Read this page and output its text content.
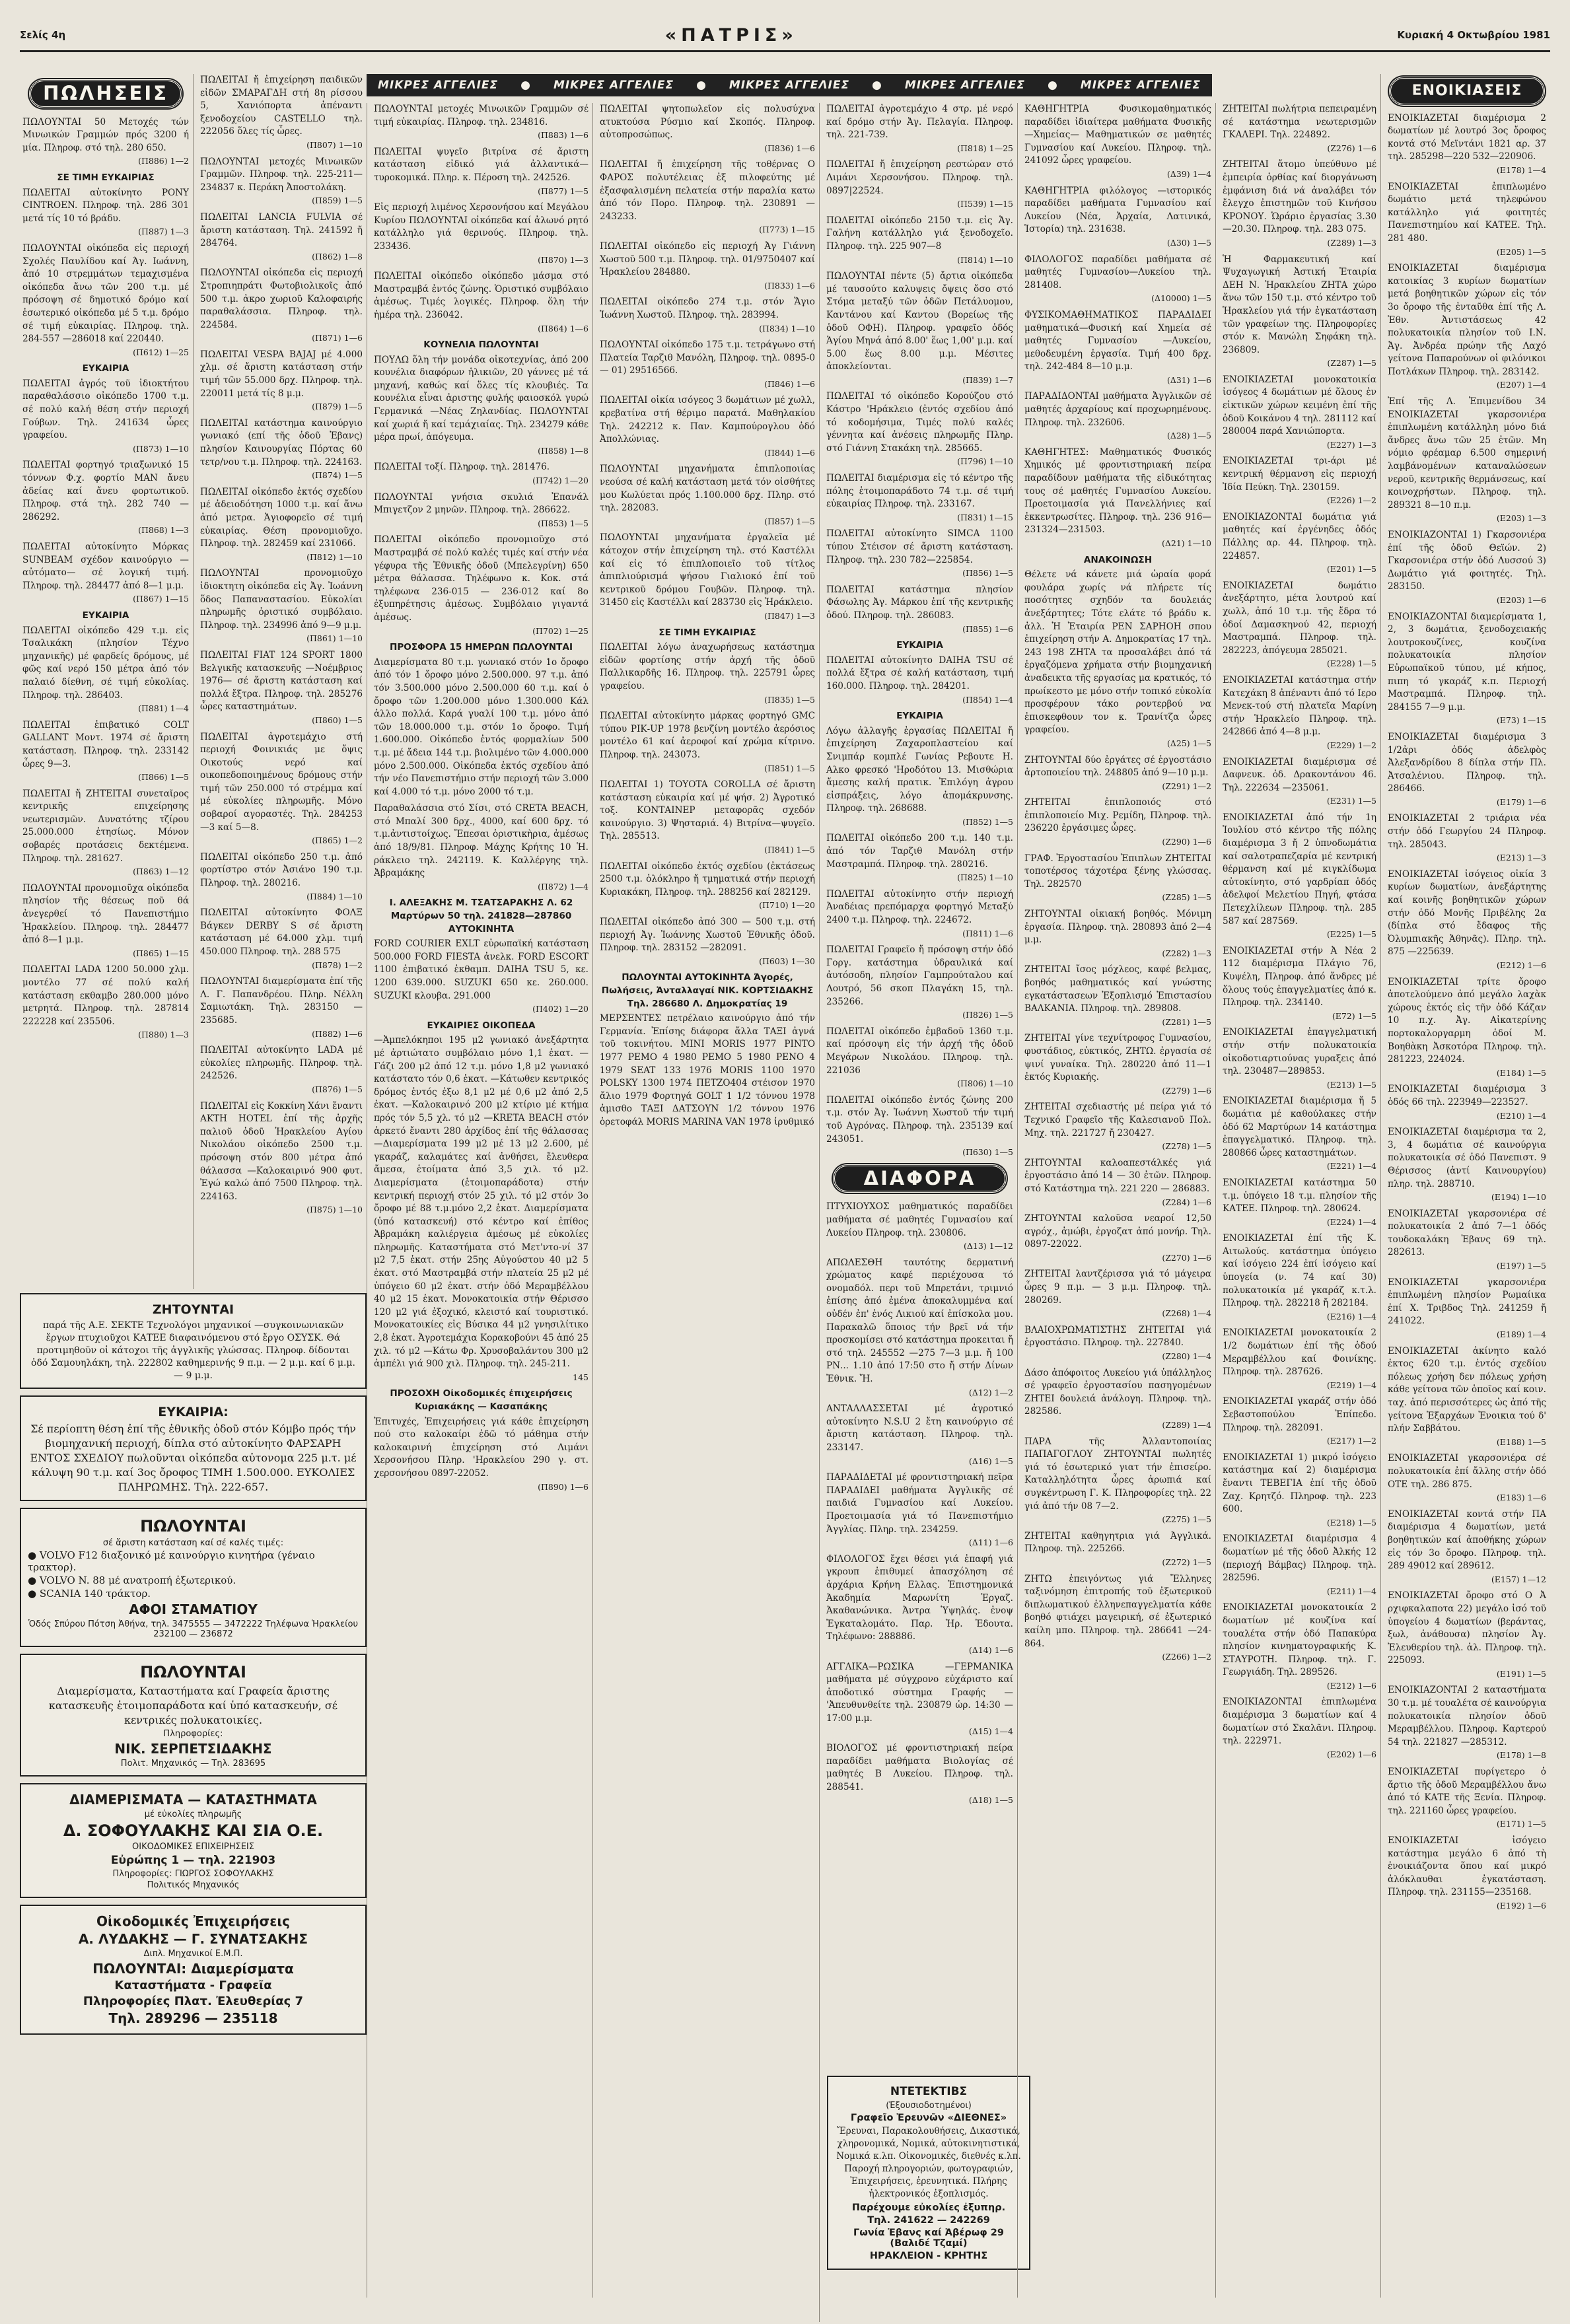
Σελίς 4η	«ΠΑΤΡΙΣ»	Κυριακή 4 Οκτωβρίου 1981
ΜΙΚΡΕΣ ΑΓΓΕΛΙΕΣ ● ΜΙΚΡΕΣ ΑΓΓΕΛΙΕΣ ● ΜΙΚΡΕΣ ΑΓΓΕΛΙΕΣ ● ΜΙΚΡΕΣ ΑΓΓΕΛΙΕΣ ● ΜΙΚΡΕΣ ΑΓΓΕΛΙΕΣ
ΠΩΛΗΣΕΙΣ
ΠΩΛΟΥΝΤΑΙ 50 Μετοχές τών Μινωικών Γραμμών πρός 3200 ή μία. Πληροφ. στό τηλ. 280 650.
(Π886) 1—2
ΣΕ ΤΙΜΗ ΕΥΚΑΙΡΙΑΣ
ΠΩΛΕΙΤΑΙ αὐτοκίνητο PONY CINTROEN. Πληροφ. τηλ. 286 301 μετά τίς 10 τό βράδυ.
(Π887) 1—3
ΠΩΛΟΥΝΤΑΙ οἰκόπεδα εἰς περιοχή Σχολές Παυλίδου καί Άγ. Ιωάννη, ἀπό 10 στρεμμάτων τεμαχισμένα οἰκόπεδα ἄνω τῶν 200 τ.μ. μέ πρόσοψη σέ δημοτικό δρόμο καί ἐσωτερικό οἰκόπεδα μέ 5 τ.μ. δρόμο σέ τιμή εὐκαιρίας. Πληροφ. τηλ. 284-557 —286018 καί 220440.
(Π612) 1—25
ΕΥΚΑΙΡΙΑ
ΠΩΛΕΙΤΑΙ ἀγρός τοῦ ἰδιοκτήτου παραθαλάσσιο οἰκόπεδο 1700 τ.μ. σέ πολύ καλή θέση στήν περιοχή Γούβων. Τηλ. 241634 ὧρες γραφείου.
(Π873) 1—10
ΠΩΛΕΙΤΑΙ φορτηγό τριαξωνικό 15 τόννων Φ.χ. φορτίο MAN ἄνευ ἀδείας καί ἄνευ φορτωτικοῦ. Πληροφ. στά τηλ. 282 740 —286292.
(Π868) 1—3
ΠΩΛΕΙΤΑΙ αὐτοκίνητο Μόρκας SUNBEAM σχέδον καινούργιο —αὐτόματο— σέ λογική τιμή. Πληροφ. τηλ. 284477 ἀπό 8—1 μ.μ.
(Π867) 1—15
ΕΥΚΑΙΡΙΑ
ΠΩΛΕΙΤΑΙ οἰκόπεδο 429 τ.μ. εἰς Τσαλικάκη (πλησίον Τέχνο μηχανικῆς) μέ φαρδείς δρόμους, μέ φῶς καί νερό 150 μέτρα ἀπό τόν παλαιό δίεθνη, σέ τιμή εὐκολίας. Πληροφ. τηλ. 286403.
(Π881) 1—4
ΠΩΛΕΙΤΑΙ ἐπιβατικό COLT GALLANT Μοντ. 1974 σέ ἄριστη κατάσταση. Πληροφ. τηλ. 233142 ὧρες 9—3.
(Π866) 1—5
ΠΩΛΕΙΤΑΙ ἤ ΖΗΤΕΙΤΑΙ συνεταῖρος κεντρικῆς επιχείρησης νεωτερισμῶν. Δυνατότης τζίρου 25.000.000 ἐτησίως. Μόνον σοβαρές προτάσεις δεκτέμενα. Πληροφ. τηλ. 281627.
(Π863) 1—12
ΠΩΛΟΥΝΤΑΙ προνομιοῦχα οἰκόπεδα πλησίον τῆς θέσεως ποῦ θά ἀνεγερθεί τό Πανεπιστήμιο Ἡρακλείου. Πληροφ. τηλ. 284477 ἀπό 8—1 μ.μ.
(Π865) 1—15
ΠΩΛΕΙΤΑΙ LADA 1200 50.000 χλμ. μοντέλο 77 σέ πολύ καλή κατάσταση εκθαμβο 280.000 μόνο μετρητά. Πληροφ. τηλ. 287814 222228 καί 235506.
(Π880) 1—3
ΠΩΛΕΙΤΑΙ ἤ ἐπιχείρηση παιδικῶν εἰδῶν ΣΜΑΡΑΓΔΗ στή 8η ρίσσου 5, Χανιόπορτα ἀπέναντι ξενοδοχείου CASTELLO τηλ. 222056 ὅλες τίς ὧρες.
(Π807) 1—10
ΠΩΛΟΥΝΤΑΙ μετοχές Μινωικῶν Γραμμῶν. Πληροφ. τηλ. 225-211—234837 κ. Περάκη Ἀποστολάκη.
(Π859) 1—5
ΠΩΛΕΙΤΑΙ LANCIA FULVIA σέ ἄριστη κατάσταση. Τηλ. 241592 ἤ 284764.
(Π862) 1—8
ΠΩΛΟΥΝΤΑΙ οἰκόπεδα εἰς περιοχή Στροπιηπράτι Φωτοβιολικοῖς ἀπό 500 τ.μ. ἀκρο χωριοῦ Καλοφαιρής παραθαλάσσια. Πληροφ. τηλ. 224584.
(Π871) 1—6
ΠΩΛΕΙΤΑΙ VESPA BAJAJ μέ 4.000 χλμ. σέ ἄριστη κατάσταση στήν τιμή τῶν 55.000 δρχ. Πληροφ. τηλ. 220011 μετά τίς 8 μ.μ.
(Π879) 1—5
ΠΩΛΕΙΤΑΙ κατάστημα καινούργιο γωνιακό (επί τῆς ὁδοῦ Ἐβανς) πλησίον Καινουργίας Πόρτας 60 τετρ/νου τ.μ. Πληροφ. τηλ. 224163.
(Π874) 1—5
ΠΩΛΕΙΤΑΙ οἰκόπεδο ἐκτός σχεδίου μέ ἀδειοδότηση 1000 τ.μ. καί ἄνω ἀπό μετρα. Ἀγιοφορεῖο σέ τιμή εὐκαιρίας. Θέση προνομιοῦχο. Πληροφ. τηλ. 282459 καί 231066.
(Π812) 1—10
ΠΩΛΟΥΝΤΑΙ προνομιοῦχο ἰδιοκτητη οἰκόπεδα εἰς Ἀγ. Ἰωάννη ὅδος Παπαναστασίου. Εὐκολίαι πληρωμῆς ὁριστικό συμβόλαιο. Πληροφ. τηλ. 234996 ἀπό 9—9 μ.μ.
(Π861) 1—10
ΠΩΛΕΙΤΑΙ FIAT 124 SPORT 1800 Βελγικῆς κατασκευῆς —Νοέμβριος 1976— σέ ἄριστη κατάσταση καί πολλά ἔξτρα. Πληροφ. τηλ. 285276 ὧρες καταστημάτων.
(Π860) 1—5
ΠΩΛΕΙΤΑΙ ἀγροτεμάχιο στή περιοχή Φοινικιάς με ὄψις Οικοτούς νερό καί οικοπεδοποιημένους δρόμους στήν τιμή τῶν 250.000 τό στρέμμα καί μέ εὐκολίες πληρωμῆς. Μόνο σοβαροί αγοραστές. Τηλ. 284253 —3 καί 5—8.
(Π865) 1—2
ΠΩΛΕΙΤΑΙ οἰκόπεδο 250 τ.μ. ἀπό φορτίστρο στόν Ἀσιάνο 190 τ.μ. Πληροφ. τηλ. 280216.
(Π884) 1—10
ΠΩΛΕΙΤΑΙ αὐτοκίνητο ΦΟΛΞ Βάγκεν DERBY S σέ ἄριστη κατάσταση μέ 64.000 χλμ. τιμή 450.000 Πληροφ. τηλ. 288 575
(Π878) 1—2
ΠΩΛΟΥΝΤΑΙ διαμερίσματα ἐπί τῆς Λ. Γ. Παπανδρέου. Πληρ. Νέλλη Σαμιωτάκη. Τηλ. 283150 —235685.
(Π882) 1—6
ΠΩΛΕΙΤΑΙ αὐτοκίνητο LADA μέ εὐκολίες πληρωμῆς. Πληροφ. τηλ. 242526.
(Π876) 1—5
ΠΩΛΕΙΤΑΙ εἰς Κοκκίνη Χάνι ἔναντι ΑΚΤΗ HOTEL ἐπί τῆς ἀρχῆς παλιοῦ ὁδοῦ Ἡρακλείου Αγίου Νικολάου οἰκόπεδο 2500 τ.μ. πρόσοψη στόν 800 μέτρα ἀπό θάλασσα —Καλοκαιρινό 900 φυτ. Ἐγώ καλώ ἀπό 7500 Πληροφ. τηλ. 224163.
(Π875) 1—10
ΖΗΤΟΥΝΤΑΙ
παρά τῆς Α.Ε. ΣΕΚΤΕ Τεχνολόγοι μηχανικοί —συγκοινωνιακῶν ἔργων πτυχιοῦχοι ΚΑΤΕΕ διαφαινόμενου στό ἔργο ΟΣΥΣΚ. Θά προτιμηθοῦν οἱ κάτοχοι τῆς ἀγγλικῆς γλώσσας. Πληροφ. δίδονται ὁδό Σαμουηλάκη, τηλ. 222802 καθημερινής 9 π.μ. — 2 μ.μ. καί 6 μ.μ. — 9 μ.μ.
ΕΥΚΑΙΡΙΑ:
Σέ περίοπτη θέση ἐπί τῆς ἐθνικῆς ὁδοῦ στόν Κόμβο πρός τήν βιομηχανική περιοχή, δίπλα στό αὐτοκίνητο ΦΑΡΣΑΡΗ ΕΝΤΟΣ ΣΧΕΔΙΟΥ πωλοῦνται οἰκόπεδα αὐτονομα 225 μ.τ. μέ κάλυψη 90 τ.μ. καί 3ος ὄροφος ΤΙΜΗ 1.500.000. ΕΥΚΟΛΙΕΣ ΠΛΗΡΩΜΗΣ. Τηλ. 222-657.
ΠΩΛΟΥΝΤΑΙ
σέ ἄριστη κατάσταση καί σέ καλές τιμές:
● VOLVO F12 διαξονικό μέ καινούργιο κινητήρα (γέναιο τρακτορ).
● VOLVO N. 88 μέ ανατροπή ἐξωτερικού.
● SCANIA 140 τράκτορ.
ΑΦΟΙ ΣΤΑΜΑΤΙΟΥ
Ὁδός Σπύρου Πότση Ἀθήνα, τηλ. 3475555 — 3472222 Τηλέφωνα Ἡρακλείου 232100 — 236872
ΠΩΛΟΥΝΤΑΙ
Διαμερίσματα, Καταστήματα καί Γραφεία ἄριστης κατασκευῆς ἑτοιμοπαράδοτα καί ὑπό κατασκευήν, σέ κεντρικές πολυκατοικίες.
Πληροφορίες:
ΝΙΚ. ΣΕΡΠΕΤΣΙΔΑΚΗΣ
Πολιτ. Μηχανικός — Τηλ. 283695
ΔΙΑΜΕΡΙΣΜΑΤΑ — ΚΑΤΑΣΤΗΜΑΤΑ
μέ εὐκολίες πληρωμῆς
Δ. ΣΟΦΟΥΛΑΚΗΣ ΚΑΙ ΣΙΑ Ο.Ε.
ΟΙΚΟΔΟΜΙΚΕΣ ΕΠΙΧΕΙΡΗΣΕΙΣ
Εὐρώπης 1 — τηλ. 221903
Πληροφορίες: ΓΙΩΡΓΟΣ ΣΟΦΟΥΛΑΚΗΣ
Πολιτικός Μηχανικός
Οἰκοδομικές Ἐπιχειρήσεις
Α. ΛΥΔΑΚΗΣ — Γ. ΣΥΝΑΤΣΑΚΗΣ
Διπλ. Μηχανικοί Ε.Μ.Π.
ΠΩΛΟΥΝΤΑΙ: Διαμερίσματα
Καταστήματα - Γραφεῖα
Πληροφορίες Πλατ. Ἐλευθερίας 7
Τηλ. 289296 — 235118
ΠΩΛΟΥΝΤΑΙ μετοχές Μινωικῶν Γραμμῶν σέ τιμή εὐκαιρίας. Πληροφ. τηλ. 234816.
(Π883) 1—6
ΠΩΛΕΙΤΑΙ ψυγεῖο βιτρίνα σέ ἄριστη κατάσταση εἰδικό γιά ἀλλαντικά—τυροκομικά. Πληρ. κ. Πέροση τηλ. 242526.
(Π877) 1—5
Εἰς περιοχή λιμένος Χερσονήσου καί Μεγάλου Κυρίου ΠΩΛΟΥΝΤΑΙ οἰκόπεδα καί ἀλωνό ρητό κατάλληλο γιά θερινούς. Πληροφ. τηλ. 233436.
(Π870) 1—3
ΠΩΛΕΙΤΑΙ οἰκόπεδο οἰκόπεδο μάσμα στό Μαστραμβά ἐντός ζώνης. Ὁριστικό συμβόλαιο ἀμέσως. Τιμές λογικές. Πληροφ. ὅλη τήν ἡμέρα τηλ. 236042.
(Π864) 1—6
ΚΟΥΝΕΛΙΑ ΠΩΛΟΥΝΤΑΙ
ΠΟΥΛΩ ὅλη τήν μονάδα οἰκοτεχνίας, ἀπό 200 κουνέλια διαφόρων ἡλικιῶν, 20 γάννες μέ τά μηχανή, καθώς καί ὅλες τίς κλουβιές. Τα κουνέλια εἶναι ἀριστης φυλής φαιοσκόλ γυρώ Γερμανικά —Νέας Ζηλανδίας. ΠΩΛΟΥΝΤΑΙ καί χωριά ἤ καί τεμάχιαίας. Τηλ. 234279 κάθε μέρα πρωί, ἀπόγευμα.
(Π858) 1—8
ΠΩΛΕΙΤΑΙ τοξί. Πληροφ. τηλ. 281476.
(Π742) 1—20
ΠΩΛΟΥΝΤΑΙ γνήσια σκυλιά Ἐπανάλ Μπιγετζον 2 μηνῶν. Πληροφ. τηλ. 286622.
(Π853) 1—5
ΠΩΛΕΙΤΑΙ οἰκόπεδο προνομιοῦχο στό Μαστραμβά σέ πολύ καλές τιμές καί στήν νέα γέφυρα τῆς Ἐθνικῆς ὁδοῦ (Μπελεγρίνη) 650 μέτρα θάλασσα. Τηλέφωνο κ. Κοκ. στά τηλέφωνα 236-015 — 236-012 καί 8ο ἐξυπηρέτησις ἀμέσως. Συμβόλαιο γιγαντά ἀμέσως.
(Π702) 1—25
ΠΡΟΣΦΟΡΑ 15 ΗΜΕΡΩΝ ΠΩΛΟΥΝΤΑΙ
Διαμερίσματα 80 τ.μ. γωνιακό στόν 1ο ὄροφο ἀπό τόν 1 ὄροφο μόνο 2.500.000. 97 τ.μ. ἀπό τόν 3.500.000 μόνο 2.500.000 60 τ.μ. καί ὁ ὄροφο τῶν 1.200.000 μόνο 1.300.000 Κάλ ἀλλο πολλά. Καρά γυαλί 100 τ.μ. μόνο ἀπό τῶν 18.000.000 τ.μ. στόν 1ο ὄροφο. Τιμή 1.600.000. Οἰκόπεδο ἐντός φορμαλίων 500 τ.μ. μέ ἄδεια 144 τ.μ. βιολιμένο τῶν 4.000.000 μόνο 2.500.000. Οἰκόπεδα ἐκτός σχεδίου ἀπό τήν νέο Πανεπιστήμιο στήν περιοχή τῶν 3.000 καί 4.000 τό τ.μ. μόνο 2000 τό τ.μ.
Παραθαλάσσια στό Σίσι, στό CRETA BEACH, στό Μπαλί 300 δρχ., 4000, καί 600 δρχ. τό τ.μ.ἀντιστοίχως. Ἔπεσαι ὁριστικὴρια, ἀμέσως ἀπό 18/9/81. Πληροφ. Μάχης Κρήτης 10 Ἡ. ράκλειο τηλ. 242119. Κ. Καλλέργης τηλ. Ἀβραμάκης
(Π872) 1—4
Ι. ΑΛΕΞΑΚΗΣ Μ. ΤΣΑΤΣΑΡΑΚΗΣ Λ. 62 Μαρτύρων 50 τηλ. 241828—287860 ΑΥΤΟΚΙΝΗΤΑ
FORD COURIER EXLT εὐρωπαϊκή κατάσταση 500.000 FORD FIESTA ἀνελκ. FORD ESCORT 1100 ἐπιβατικό ἐκθαμπ. DAIHA TSU 5, κε. 1200 639.000. SUZUKI 650 κε. 260.000. SUZUKI κλουβα. 291.000
(Π402) 1—20
ΕΥΚΑΙΡΙΕΣ ΟΙΚΟΠΕΔΑ
—Ἀμπελόκηποι 195 μ2 γωνιακό ἀνεξάρτητα μέ ἀρτιώτατο συμβόλαιο μόνο 1,1 ἑκατ. —Γάζι 200 μ2 ἀπό 12 τ.μ. μόνο 1,8 μ2 γωνιακό κατάστατο τόν 0,6 ἑκατ. —Κάτωθεν κεντρικός δρόμος ἐντός ἐξω 8,1 μ2 μέ 0,6 μ2 ἀπό 2,5 ἐκατ. —Καλοκαιρινό 200 μ2 κτίριο μέ κτήμα πρός τόν 5,5 χλ. τό μ2 —KRETA BEACH στόν ἀρκετό ἔναντι 280 ἀρχίδος ἐπί τῆς θάλασσας —Διαμερίσματα 199 μ2 μέ 13 μ2 2.600, μέ γκαράζ, καλαμάτες καί ἀνθήσει, ἔλευθερα ἄμεσα, ἑτοίματα ἀπό 3,5 χιλ. τό μ2. Διαμερίσματα (ἑτοιμοπαράδοτα) στήν κεντρική περιοχή στόν 25 χιλ. τό μ2 στόν 3ο ὄροφο μέ 88 τ.μ.μόνο 2,2 ἑκατ. Διαμερίσματα (ὑπό κατασκευή) στό κέντρο καί ἐπίθος Ἀβραμάκη καλιέργεια ἀμέσως μέ εὐκολίες πληρωμῆς. Καταστήματα στό Μετ'ντο-νί 37 μ2 7,5 ἑκατ. στήν 25ης Αὐγούστου 40 μ2 5 ἑκατ. στό Μαστραμβά στήν πλατεία 25 μ2 μέ ὑπόγειο 60 μ2 ἑκατ. στήν ὁδό Μεραμβέλλου 40 μ2 15 ἑκατ. Μονοκατοικία στήν Θέρισσο 120 μ2 γιά ἐξοχικό, κλειστό καί τουριστικό. Μονοκατοικίες εἰς Βύσικα 44 μ2 γνησιλίτικο 2,8 ἑκατ. Ἀγροτεμάχια Κορακοβούνι 45 ἀπό 25 χιλ. τό μ2 —Κάτω Φρ. Χρυσοβαλάντου 300 μ2 ἀμπέλι γιά 900 χιλ. Πληροφ. τηλ. 245-211.
145
ΠΡΟΣΟΧΗ Οἰκοδομικές ἐπιχειρήσεις Κυριακάκης — Κασαπάκης
Ἐπιτυχές, Ἐπιχειρήσεις γιά κάθε ἐπιχείρηση πού στο καλοκαίρι ἐδῶ τό μάθημα στήν καλοκαιρινή ἐπιχείρηση στό Λιμάνι Χερσονήσου Πληρ. 'Ηρακλείου 290 γ. στ. χερσονήσου 0897-22052.
(Π890) 1—6
ΠΩΛΕΙΤΑΙ ψητοπωλεῖον εἰς πολυσύχνα ατυκτούσα Ρύσμιο καί Σκοπός. Πληροφ. αὐτοπροσώπως.
(Π836) 1—6
ΠΩΛΕΙΤΑΙ ἤ ἐπιχείρηση τῆς τοθέρνας Ο ΦΑΡΟΣ πολυτέλειας ἐξ πιλοφεύτης μέ ἐξασφαλισμένη πελατεία στήν παραλία κατω ἀπό τόν Πορο. Πληροφ. τηλ. 230891 — 243233.
(Π773) 1—15
ΠΩΛΕΙΤΑΙ οἰκόπεδο εἰς περιοχή Ἀγ Γιάννη Χωστοῦ 500 τ.μ. Πληροφ. τηλ. 01/9750407 καί Ἡρακλείου 284880.
(Π833) 1—6
ΠΩΛΕΙΤΑΙ οἰκόπεδο 274 τ.μ. στόν Ἄγιο Ἰωάννη Χωστοῦ. Πληροφ. τηλ. 283994.
(Π834) 1—10
ΠΩΛΟΥΝΤΑΙ οἰκόπεδο 175 τ.μ. τετράγωνο στή Πλατεία Ταρζιθ Μανόλη, Πληροφ. τηλ. 0895-0 — 01) 29516566.
(Π846) 1—6
ΠΩΛΕΙΤΑΙ οἰκία ισόγεος 3 δωμάτιων μέ χωλλ, κρεβατίνα στή θέριμο παρατά. Μαθηλακίου Τηλ. 242212 κ. Παν. Καμπούρογλου ὁδό Ἀπολλώνιας.
(Π844) 1—6
ΠΩΛΟΥΝΤΑΙ μηχανήματα ἐπιπλοποιίας νεούσα σέ καλή κατάσταση μετά τόν οἰσθήτες μου Κωλύεται πρός 1.100.000 δρχ. Πληρ. στό τηλ. 282083.
(Π857) 1—5
ΠΩΛΟΥΝΤΑΙ μηχανήματα ἐργαλεῖα μέ κάτοχον στήν ἐπιχείρηση τηλ. στό Καστέλλι καί εἰς τό ἐπιπλοποιεῖο τοῦ τίτλος ἀπιπλιούρισμά ψήσου Γιαλιοκό ἐπί τοῦ κεντρικοῦ δρόμου Γουβῶν. Πληροφ. τηλ. 31450 εἰς Καστέλλι καί 283730 εἰς Ἡράκλειο.
(Π847) 1—3
ΣΕ ΤΙΜΗ ΕΥΚΑΙΡΙΑΣ
ΠΩΛΕΙΤΑΙ λόγω ἀναχωρήσεως κατάστημα εἰδῶν φορτίσης στήν ἀρχή τῆς ὁδοῦ Παλλικαρδῆς 16. Πληροφ. τηλ. 225791 ὧρες γραφείου.
(Π835) 1—5
ΠΩΛΕΙΤΑΙ αὐτοκίνητο μάρκας φορτηγό GMC τύπου ΡΙΚ-UP 1978 βενζίνη μοντέλο ἀερόσιος μοντέλο 61 καί ἀεροφοί καί χρώμα κίτρινο. Πληροφ. τηλ. 243073.
(Π851) 1—5
ΠΩΛΕΙΤΑΙ 1) TOYOTA COROLLA σέ ἄριστη κατάσταση εὐκαιρία καί μέ ψήσ. 2) Ἀγροτικό τοξ. ΚΟΝΤΑΙΝΕΡ μεταφορᾶς σχεδόν καινούργιο. 3) Ψησταριά. 4) Βιτρίνα—ψυγεῖο. Τηλ. 285513.
(Π841) 1—5
ΠΩΛΕΙΤΑΙ οἰκόπεδο ἐκτός σχεδίου (ἐκτάσεως 2500 τ.μ. ὁλόκληρο ἤ τμηματικά στήν περιοχή Κυριακάκη, Πληροφ. τηλ. 288256 καί 282129.
(Π710) 1—20
ΠΩΛΕΙΤΑΙ οἰκόπεδο ἀπό 300 — 500 τ.μ. στή περιοχή Ἀγ. Ἰωάννης Χωστοῦ Ἐθνικῆς ὁδοῦ. Πληροφ. τηλ. 283152 —282091.
(Π603) 1—30
ΠΩΛΟΥΝΤΑΙ ΑΥΤΟΚΙΝΗΤΑ Ἀγορές, Πωλήσεις, Ἀνταλλαγαί ΝΙΚ. ΚΟΡΤΣΙΔΑΚΗΣ Τηλ. 286680 Λ. Δημοκρατίας 19
ΜΕΡΣΕΝΤΕΣ πετρέλαιο καινούργιο ἀπό τήν Γερμανία. Ἐπίσης διάφορα ἄλλα ΤΑΞΙ ἀγνά τοῦ τοκινήτου. MINI MORIS 1977 PINTO 1977 PEMO 4 1980 PEMO 5 1980 ΡΕΝΟ 4 1979 SEAT 133 1976 MORIS 1100 1970 POLSKY 1300 1974 ΠΕΤΖΟ404 στέισον 1970 ἄλιο 1979 Φορτηγά GOLT 1 1/2 τόννου 1978 ἀμισθο ΤΑΞΙ ΔΑΤΣΟΥΝ 1/2 τόννου 1976 ὀρετοφάλ MORIS MARINA VAN 1978 ἰρυθμικό
ΠΩΛΕΙΤΑΙ ἀγροτεμάχιο 4 στρ. μέ νερό καί δρόμο στήν Ἀγ. Πελαγία. Πληροφ. τηλ. 221-739.
(Π818) 1—25
ΠΩΛΕΙΤΑΙ ἤ ἐπιχείρηση ρεστώραν στό Λιμάνι Χερσονήσου. Πληροφ. τηλ. 0897|22524.
(Π539) 1—15
ΠΩΛΕΙΤΑΙ οἰκόπεδο 2150 τ.μ. εἰς Ἁγ. Γαλήνη κατάλληλο γιά ξενοδοχεῖο. Πληροφ. τηλ. 225 907—8
(Π814) 1—10
ΠΩΛΟΥΝΤΑΙ πέντε (5) ἄρτια οἰκόπεδα μέ ταυσούτο καλυψεις ὄψεις ὅσο στό Στόμα μεταξύ τῶν ὁδῶν Πετάλυομου, Καντάνου καί Καντου (Βορείως τῆς ὁδοῦ ΟΦΗ). Πληροφ. γραφεῖο ὁδός Ἁγίου Μηνά ἀπό 8.00' ἕως 1,00' μ.μ. καί 5.00 ἕως 8.00 μ.μ. Μέσιτες ἀποκλείονται.
(Π839) 1—7
ΠΩΛΕΙΤΑΙ τό οἰκόπεδο Κορούζου στό Κάστρο 'Ηράκλειο (ἐντός σχεδίου ἀπό τό κοδομήσιμα, Τιμές πολύ καλές γέννητα καί ἀνέσεις πληρωμῆς Πληρ. στό Γιάννη Στακάκη τηλ. 285665.
(Π796) 1—10
ΠΩΛΕΙΤΑΙ διαμέρισμα εἰς τό κέντρο τῆς πόλης ἑτοιμοπαράδοτο 74 τ.μ. σέ τιμή εὐκαιρίας Πληροφ. τηλ. 233167.
(Π831) 1—15
ΠΩΛΕΙΤΑΙ αὐτοκίνητο SIMCA 1100 τύπου Στέισον σέ ἄριστη κατάσταση. Πληροφ. τηλ. 230 782—225854.
(Π856) 1—5
ΠΩΛΕΙΤΑΙ κατάστημα πλησίον Φάσωλης Ἀγ. Μάρκου ἐπί τῆς κεντρικῆς ὁδού. Πληροφ. τηλ. 286083.
(Π855) 1—6
ΕΥΚΑΙΡΙΑ
ΠΩΛΕΙΤΑΙ αὐτοκίνητο DAIHA TSU σέ πολλά ἔξτρα σέ καλή κατάσταση, τιμή 160.000. Πληροφ. τηλ. 284201.
(Π854) 1—4
ΕΥΚΑΙΡΙΑ
Λόγω ἀλλαγῆς ἐργασίας ΠΩΛΕΙΤΑΙ ἤ ἐπιχείρηση Ζαχαροπλαστείου καί Σνιμπάρ κομπλέ Γωνίας Ρεβουτε Η. Αλκο φρεσκό 'Ηροδότου 13. Μισθώρια ἄμεσης καλή πρατικ. Ἐπιλόγη ἀγρου εἰσπράξεις, λόγο ἀπομάκρυνσης. Πληροφ. τηλ. 268688.
(Π852) 1—5
ΠΩΛΕΙΤΑΙ οἰκόπεδο 200 τ.μ. 140 τ.μ. ἀπό τόν Ταρζιθ Μανόλη στήν Μαστραμπά. Πληροφ. τηλ. 280216.
(Π825) 1—10
ΠΩΛΕΙΤΑΙ αὐτοκίνητο στήν περιοχή Ἀναδέιας πρεπόμαρχα φορτηγό Μεταξύ 2400 τ.μ. Πληροφ. τηλ. 224672.
(Π811) 1—6
ΠΩΛΕΙΤΑΙ Γραφεῖο ἤ πρόσοψη στήν ὁδό Γοργ. κατάστημα ὑδραυλικά καί ἀυτόσοδη, πλησίον Γαμπρούταλου καί Λουτρό, 56 σκοπ Πλαγάκη 15, τηλ. 235266.
(Π826) 1—5
ΠΩΛΕΙΤΑΙ οἰκόπεδο ἐμβαδοῦ 1360 τ.μ. καί πρόσοψη εἰς τήν ἀρχή τῆς ὁδοῦ Μεγάρων Νικολάου. Πληροφ. τηλ. 221036
(Π806) 1—10
ΠΩΛΕΙΤΑΙ οἰκόπεδο ἐντός ζώνης 200 τ.μ. στόν Ἀγ. Ἰωάννη Χωστοῦ τήν τιμή τοῦ Αγρόνας. Πληροφ. τηλ. 235139 καί 243051.
(Π630) 1—5
ΔΙΑΦΟΡΑ
ΠΤΥΧΙΟΥΧΟΣ μαθηματικός παραδίδει μαθήματα σέ μαθητές Γυμνασίου καί Λυκείου Πληροφ. τηλ. 230806.
(Δ13) 1—12
ΑΠΩΛΕΣΘΗ ταυτότης δερματινή χρώματος καφέ περιέχουσα τό ονομαδόλ. περι τοῦ Μπρετάνι, τριμνιό ἐπίσης ἀπό ἐμένα ἀποκαλυμμένα καί οὐδέν ἐπ' ἐνός Λικιού καί ἐπίσκολα μου. Παρακαλῶ ὅποιος τήν βρεῖ νά τήν προσκομίσει στό κατάστημα προκειται ἤ στό τηλ. 245552 —275 7—3 μ.μ. ἤ 100 ΡΝ... 1.10 ἀπό 17:50 στο ἤ στήν Δίνων Ἐθνικ. Ἤ.
(Δ12) 1—2
ΑΝΤΑΛΛΑΣΣΕΤΑΙ μέ ἀγροτικό αὐτοκίνητο N.S.U 2 ἔτη καινούργιο σέ ἄριστη κατάσταση. Πληροφ. τηλ. 233147.
(Δ16) 1—5
ΠΑΡΑΔΙΔΕΤΑΙ μέ φροντιστηριακή πεῖρα ΠΑΡΑΔΙΔΕΙ μαθήματα Ἀγγλικῆς σέ παιδιά Γυμνασίου καί Λυκείου. Προετοιμασία γιά τό Πανεπιστήμιο Ἀγγλίας. Πληρ. τηλ. 234259.
(Δ11) 1—6
ΦΙΛΟΛΟΓΟΣ ἔχει θέσει γιά ἐπαφή γιά γκρουπ ἐπιθυμεί ἀπασχόληση σέ ἀρχάρια Κρήνη Ελλας. Ἐπιστημονικά Ἀκαδημία Μαρωνίτη Ἐργαζ. Ἀκαθανώνικα. Ἀντρα Ὑψηλάς. ἐνοψ Ἐγκαταλομάτο. Παρ. Ἡρ. Ἐδουτα. Τηλέφωνο: 288886.
(Δ14) 1—6
ΑΓΓΛΙΚΑ—ΡΩΣΙΚΑ —ΓΕΡΜΑΝΙΚΑ μαθήματα μέ σύγχρονο εὐχάριστο καί ἀποδοτικό σύστημα Γραφής — 'Ἀπευθυνθείτε τηλ. 230879 ὡρ. 14:30 — 17:00 μ.μ.
(Δ15) 1—4
ΒΙΟΛΟΓΟΣ μέ φροντιστηριακή πείρα παραδίδει μαθήματα Βιολογίας σέ μαθητές Β Λυκείου. Πληροφ. τηλ. 288541.
(Δ18) 1—5
ΝΤΕΤΕΚΤΙΒΣ
(Ἐξουσιοδοτημένοι)
Γραφεῖο Ἐρευνῶν «ΔΙΕΘΝΕΣ»
Ἔρευναι, Παρακολουθήσεις, Δικαστικά, χληρονομικά, Νομικά, αὐτοκινητιστικά, Νομικά κ.λπ. Οἰκονομικές, διεθνές κ.λπ. Παροχή πληρογοριών, φωτογραφιών, Ἐπιχειρήσεις, ἐρευνητικά. Πλήρης ἠλεκτρονικός ἐξοπλισμός.
Παρέχουμε εὐκολίες ἐξυπηρ.
Τηλ. 241622 — 242269
Γωνία Ἐβανς καί Ἀβέρωφ 29 (Βαλιδέ Τζαμί)
ΗΡΑΚΛΕΙΟΝ - ΚΡΗΤΗΣ
ΚΑΘΗΓΗΤΡΙΑ Φυσικομαθηματικός παραδίδει ἰδιαίτερα μαθήματα Φυσικῆς —Χημείας— Μαθηματικών σε μαθητές Γυμνασίου καί Λυκείου. Πληροφ. τηλ. 241092 ὧρες γραφείου.
(Δ39) 1—4
ΚΑΘΗΓΗΤΡΙΑ φιλόλογος —ιστορικός παραδίδει μαθήματα Γυμνασίου καί Λυκείου (Νέα, Ἀρχαία, Λατινικά, Ἱστορία) τηλ. 231638.
(Δ30) 1—5
ΦΙΛΟΛΟΓΟΣ παραδίδει μαθήματα σέ μαθητές Γυμνασίου—Λυκείου τηλ. 281408.
(Δ10000) 1—5
ΦΥΣΙΚΟΜΑΘΗΜΑΤΙΚΟΣ ΠΑΡΑΔΙΔΕΙ μαθηματικά—Φυσική καί Χημεία σέ μαθητές Γυμνασίου —Λυκείου, μεθοδευμένη ἐργασία. Τιμή 400 δρχ. τηλ. 242-484 8—10 μ.μ.
(Δ31) 1—6
ΠΑΡΑΔΙΔΟΝΤΑΙ μαθήματα Ἀγγλικῶν σέ μαθητές ἀρχαρίους καί προχωρημένους. Πληροφ. τηλ. 232606.
(Δ28) 1—5
ΚΑΘΗΓΗΤΕΣ: Μαθηματικός Φυσικός Χημικός μέ φροντιστηριακή πείρα παραδίδουν μαθήματα τῆς εἰδικότητας τους σέ μαθητές Γυμνασίου Λυκείου. Προετοιμασία γιά Πανελλήνιες καί ἐκκεντρωσίτες. Πληροφ. τηλ. 236 916—231324—231503.
(Δ21) 1—10
ΑΝΑΚΟΙΝΩΣΗ
Θέλετε νά κάνετε μιά ὡραία φορά φουλάρα χωρίς νά πλήρετε τίς ποσότητες σχηδόν τα δουλειάς ἀνεξάρτητες; Τότε ελάτε τό βράδυ κ. ἀλλ. Ἡ Ἐταιρία ΡΕΝ ΣΑΡΗΟΗ σπου ἐπιχείρηση στήν Α. Δημοκρατίας 17 τηλ. 243 198 ΖΗΤΑ τα προσαλάβει ἀπό τά ἐργαζόμενα χρήματα στήν βιομηχανική ἀναδεικτα τῆς εργασίας μα κρατικός, τό πρωίκεστο με μόνο στήν τοπικό εὐκολία προσφέρουν τάκο ροντερβού να ἐπισκεφθουν τον κ. Τρανίτζα ὧρες γραφείου.
(Δ25) 1—5
ΖΗΤΟΥΝΤΑΙ δύο ἐργάτες σέ ἐργοστάσιο ἀρτοποιείου τηλ. 248805 ἀπό 9—10 μ.μ.
(Ζ291) 1—2
ΖΗΤΕΙΤΑΙ ἐπιπλοποιός στό ἐπιπλοποιείο Μιχ. Ρεμίδη, Πληροφ. τηλ. 236220 ἐργάσιμες ὧρες.
(Ζ290) 1—6
ΓΡΑΦ. Ἐργοστασίου Ἐπιπλων ΖΗΤΕΙΤΑΙ τοποτέρσος τάχοτέρα ξένης γλώσσας. Τηλ. 282570
(Ζ285) 1—5
ΖΗΤΟΥΝΤΑΙ οἰκιακή βοηθός. Μόνιμη ἐργασία. Πληροφ. τηλ. 280893 ἀπό 2—4 μ.μ.
(Ζ282) 1—3
ΖΗΤΕΙΤΑΙ ἴσος μόχλεος, καφέ βελμας, βοηθός μαθηματικός καί γνώστης εγκατάστασεων Ἐξοπλισμό Ἐπιστασίου ΒΑΛΚΑΝΙΑ. Πληροφ. τηλ. 289808.
(Ζ281) 1—5
ΖΗΤΕΙΤΑΙ γίνε τεχνίτροφος Γυμνασίου, φυστάδιος, εὐκτικός, ΖΗΤΩ. ἐργασία σέ ψινί γυναίκα. Τηλ. 280220 ἀπό 11—1 ἐκτός Κυριακής.
(Ζ279) 1—6
ΖΗΤΕΙΤΑΙ σχεδιαστής μέ πείρα γιά τό Τεχνικό Γραφεῖο τῆς Καλεσιανοῦ Πολ. Μηχ. τηλ. 221727 ἤ 230427.
(Z278) 1—5
ΖΗΤΟΥΝΤΑΙ καλοαπεστάλκές γιά ἐργοστάσιο ἀπό 14 — 30 ἐτῶν. Πληροφ. στό Κατάστημα τηλ. 221 220 — 286883.
(Z284) 1—6
ΖΗΤΟΥΝΤΑΙ καλοῦσα νεαροί 12,50 αγρόχ., ἀμώβι, ἐργοζατ ἀπό μονήρ. Τηλ. 0897-22022.
(Ζ270) 1—6
ΖΗΤΕΙΤΑΙ λαντζέρισσα γιά τό μάγειρα ὧρες 9 π.μ. — 3 μ.μ. Πληροφ. τηλ. 280269.
(Ζ268) 1—4
ΒΛΑΙΟΧΡΩΜΑΤΙΣΤΗΣ ΖΗΤΕΙΤΑΙ γιά ἐργοστάσιο. Πληροφ. τηλ. 227840.
(Ζ280) 1—4
Δάσο ἀπόφοιτος Λυκείου γιά ὑπάλληλος σέ γραφεῖο ἐργοστασίου πασηγομένων ΖΗΤΕΙ δουλειά ἀνάλογη. Πληροφ. τηλ. 282586.
(Ζ289) 1—4
ΠΑΡΑ τῆς Ἀλλαντοποιίας ΠΑΠΑΓΟΓΛΟΥ ΖΗΤΟΥΝΤΑΙ πωλητές γιά τό ἐσωτερικό γιατ τήν ἐπισείρο. Καταλληλότητα ὧρες ἀρωπιά καί συγκέντρωση Γ. Κ. Πληροφορίες τηλ. 22 γιά ἀπό τήν 08 7—2.
(Ζ275) 1—5
ΖΗΤΕΙΤΑΙ καθηγητρια γιά Ἀγγλικά. Πληροφ. τηλ. 225266.
(Ζ272) 1—5
ΖΗΤΩ ἐπειγόντως γιά Ἔλληνες ταξινόμηση ἐπιτροπής τοῦ ἐξωτερικοῦ διπλωματικού ἑλληνεπαγγελματία κάθε βοηθό φτιάχει μαγειρική, σέ ἐξωτερικό καίλη μπο. Πληροφ. τηλ. 286641 —24-864.
(Ζ266) 1—2
ΖΗΤΕΙΤΑΙ πωλήτρια πεπειραμένη σέ κατάστημα νεωτερισμῶν ΓΚΑΛΕΡΙ. Τηλ. 224892.
(Ζ276) 1—6
ΖΗΤΕΙΤΑΙ ἄτομο ὑπεύθυνο μέ ἐμπειρία ὀρθίας καί διοργάνωση ἐμφάνιση διά νά ἀναλάβει τόν ἔλεγχο ἐπιστημῶν τοῦ Κινήσου ΚΡΟΝΟΥ. Ὡράριο ἐργασίας 3.30—20.30. Πληροφ. τηλ. 283 075.
(Ζ289) 1—3
Ἡ Φαρμακευτική καί Ψυχαγωγική Ἀστική Ἐταιρία ΔΕΗ Ν. Ἡρακλείου ΖΗΤΑ χώρο ἄνω τῶν 150 τ.μ. στό κέντρο τοῦ Ἡρακλείου γιά τήν ἐγκατάσταση τῶν γραφείων της. Πληροφορίες στόν κ. Μανώλη Σηφάκη τηλ. 236809.
(Ζ287) 1—5
ΕΝΟΙΚΙΑΖΕΤΑΙ μονοκατοικία ἰσόγεος 4 δωμάτιων μέ ὅλους ἐν εἰκτικῶν χώρων κειμένη ἐπί τῆς ὁδοῦ Κοικάνου 4 τηλ. 281112 καί 280004 παρά Χανιώπορτα.
(Ε227) 1—3
ΕΝΟΙΚΙΑΖΕΤΑΙ τρι-άρι μέ κεντρική θέρμανση εἰς περιοχή Ἰδία Πεύκη. Τηλ. 230159.
(Ε226) 1—2
ΕΝΟΙΚΙΑΖΟΝΤΑΙ δωμάτια γιά μαθητές καί ἐργένηδες ὁδός Πάλλης αρ. 44. Πληροφ. τηλ. 224857.
(Ε201) 1—5
ΕΝΟΙΚΙΑΖΕΤΑΙ δωμάτιο ἀνεξάρτητο, μέτα λουτρού καί χωλλ, ἀπό 10 τ.μ. τῆς ἔδρα τό ὁδοί Δαμασκηνού 42, περιοχή Μαστραμπά. Πληροφ. τηλ. 282223, ἀπόγευμα 285021.
(Ε228) 1—5
ΕΝΟΙΚΙΑΖΕΤΑΙ κατάστημα στήν Κατεχάκη 8 ἀπέναντι ἀπό τό Ιερο Μενεκ-τού στή πλατεῖα Μαρίνη στήν Ἡρακλείο Πληροφ. τηλ. 242866 ἀπό 4—8 μ.μ.
(Ε229) 1—2
ΕΝΟΙΚΙΑΖΕΤΑΙ διαμέρισμα σέ Δαφνευκ. ὁδ. Δρακοντάνου 46. Τηλ. 222634 —235061.
(Ε231) 1—5
ΕΝΟΙΚΙΑΖΕΤΑΙ ἀπό τήν 1η Ἰουλίου στό κέντρο τῆς πόλης διαμέρισμα 3 ἤ 2 ὑπνοδωμάτια καί σαλοτραπεζαρία μέ κεντρική θέρμανση καί μέ κιγκλίδωμα αὐτοκίνητο, στό γαρδρίαπ ὁδός ἀδελφοί Μελετίου Πηγή, φτάσα Πετεχλίλεων Πληροφ. τηλ. 285 587 καί 287569.
(Ε225) 1—5
ΕΝΟΙΚΙΑΖΕΤΑΙ στήν Ἀ Νέα 2 112 διαμέρισμα Πλάγιο 76, Κυψέλη, Πληροφ. ἀπό ἄνδρες μέ ὅλους τούς ἐπαγγελματίες ἀπό κ. Πληροφ. τηλ. 234140.
(Ε72) 1—5
ΕΝΟΙΚΙΑΖΕΤΑΙ ἐπαγγελματική στήν στήν πολυκατοικία οἰκοδοτιαρτιούνας γυραξεις ἀπό τηλ. 230487—289853.
(Ε213) 1—5
ΕΝΟΙΚΙΑΖΕΤΑΙ διαμέρισμα ἤ 5 δωμάτια μέ καθούλακες στήν ὁδό 62 Μαρτύρων 14 κατάστημα ἐπαγγελματικό. Πληροφ. τηλ. 280866 ὧρες καταστημάτων.
(Ε221) 1—4
ΕΝΟΙΚΙΑΖΕΤΑΙ κατάστημα 50 τ.μ. ὑπόγειο 18 τ.μ. πλησίον τῆς ΚΑΤΕΕ. Πληροφ. τηλ. 280624.
(Ε224) 1—4
ΕΝΟΙΚΙΑΖΕΤΑΙ ἐπί τῆς Κ. Αιτωλούς. κατάστημα ὑπόγειο καί ἰσόγειο 224 ἐπί ἰσόγειο καί ὑπογεία (ν. 74 καί 30) πολυκατοικία μέ γκαράζ κ.τ.λ. Πληροφ. τηλ. 282218 ἤ 282184.
(Ε216) 1—4
ΕΝΟΙΚΙΑΖΕΤΑΙ μονοκατοικία 2 1/2 δωμάτιων ἐπί τῆς ὁδού Μεραμβέλλου καί Φοινίκης. Πληροφ. τηλ. 287626.
(Ε219) 1—4
ΕΝΟΙΚΙΑΖΕΤΑΙ γκαράζ στήν ὁδό Σεβαστοπούλου Ἐπίπεδο. Πληροφ. τηλ. 282091.
(Ε217) 1—2
ΕΝΟΙΚΙΑΖΕΤΑΙ 1) μικρό ἰσόγειο κατάστημα καί 2) διαμέρισμα ἕναντι ΤΕΒΕΓΙΑ ἐπί τῆς ὁδοῦ Ζαχ. Κρητζό. Πληροφ. τηλ. 223 600.
(Ε218) 1—5
ΕΝΟΙΚΙΑΖΕΤΑΙ διαμέρισμα 4 δωματίων μέ τῆς ὁδοῦ Ἀλκής 12 (περιοχή Βάμβας) Πληροφ. τηλ. 282596.
(Ε211) 1—4
ΕΝΟΙΚΙΑΖΕΤΑΙ μονοκατοικία 2 δωματίων μέ κουζίνα καί τουαλέτα στήν ὁδό Παπακύρα πλησίον κινηματογραφικής Κ. ΣΤΑΥΡΟΤΗ. Πληροφ. τηλ. Γ. Γεωργιάδη. Τηλ. 289526.
(Ε212) 1—6
ΕΝΟΙΚΙΑΖΟΝΤΑΙ ἐπιπλωμένα διαμέρισμα 3 δωματίων καί 4 δωματίων στό Σκαλᾶνι. Πληροφ. τηλ. 222971.
(Ε202) 1—6
ΕΝΟΙΚΙΑΣΕΙΣ
ΕΝΟΙΚΙΑΖΕΤΑΙ διαμέρισμα 2 δωματίων μέ λουτρό 3ος ὄροφος κοντά στό Μεϊντάνι 1821 αρ. 37 τηλ. 285298—220 532—220906.
(Ε178) 1—4
ΕΝΟΙΚΙΑΖΕΤΑΙ ἐπιπλωμένο δωμάτιο μετά τηλεφώνου κατάλληλο γιά φοιτητές Πανεπιστημίου καί ΚΑΤΕΕ. Τηλ. 281 480.
(Ε205) 1—5
ΕΝΟΙΚΙΑΖΕΤΑΙ διαμέρισμα κατοικίας 3 κυρίων δωματίων μετά βοηθητικῶν χώρων εἰς τόν 3ο ὄροφο τῆς ἐνταῦθα ἐπί τῆς Λ. Ἐθν. Ἀντιστάσεως 42 πολυκατοικία πλησίον τοῦ Ι.Ν. Ἁγ. Ἀνδρέα πρώην τῆς Λαχό γείτονα Παπαρούνων οἱ φιλόνικοι Ποτλάκων Πληροφ. τηλ. 283142.
(Ε207) 1—4
Ἐπί τῆς Λ. Ἐπιμενίδου 34 ΕΝΟΙΚΙΑΖΕΤΑΙ γκαρσονιέρα ἐπιπλωμένη κατάλληλη μόνο διά ἄνδρες ἄνω τῶν 25 ἐτῶν. Μη νόμιο φρέαμαρ 6.500 σημερινή λαμβάνομένων καταναλώσεων νεροῦ, κεντρικῆς θερμάνσεως, καί κοινοχρήστων. Πληροφ. τηλ. 289321 8—10 π.μ.
(Ε203) 1—3
ΕΝΟΙΚΙΑΖΟΝΤΑΙ 1) Γκαρσονιέρα ἐπί τῆς ὁδοῦ Θεϊών. 2) Γκαρσονιέρα στήν ὁδό Λυσσού 3) Δωμάτιο γιά φοιτητές. Τηλ. 283150.
(Ε203) 1—6
ΕΝΟΙΚΙΑΖΟΝΤΑΙ διαμερίσματα 1, 2, 3 δωμάτια, ξενοδοχειακής λουτροκουζίνες, κουζίνα πολυκατοικία πλησίον Εὐρωπαϊκοῦ τύπου, μέ κήπος, πιπη τό γκαράζ κ.π. Περιοχή Μαστραμπά. Πληροφ. τηλ. 284155 7—9 μ.μ.
(Ε73) 1—15
ΕΝΟΙΚΙΑΖΕΤΑΙ διαμέρισμα 3 1/2ἀρι ὁδός ἀδελφὸς Ἀλεξανδρίδου 8 δίπλα στήν Πλ. Ἀτσαλένιου. Πληροφ. τηλ. 286466.
(Ε179) 1—6
ΕΝΟΙΚΙΑΖΕΤΑΙ 2 τριάρια νέα στήν ὁδό Γεωργίου 24 Πληροφ. τηλ. 285043.
(Ε213) 1—3
ΕΝΟΙΚΙΑΖΕΤΑΙ ἰσόγειος οἰκία 3 κυρίων δωματίων, ἀνεξάρτητης καί κοινῆς βοηθητικῶν χώρων στήν ὁδό Μονῆς Πριβέλης 2α (δίπλα στό ἔδαφος τῆς Ὀλυμπιακῆς Ἀθηνᾶς). Πληρ. τηλ. 875 —225639.
(Ε212) 1—6
ΕΝΟΙΚΙΑΖΕΤΑΙ τρίτε ὄροφο ἀποτελούμενο ἀπό μεγάλο λαχὰκ χώρους ἐκτός εἰς τῆν ὁδό Κάζαν 10 π.χ. Ἀγ. Αἰκατερίνης πορτοκαλοργαρμη ὁδοί Μ. Βοηθὰκη Ἀσκοτόρα Πληροφ. τηλ. 281223, 224024.
(Ε184) 1—5
ΕΝΟΙΚΙΑΖΕΤΑΙ διαμέρισμα 3 ὁδός 66 τηλ. 223949—223527.
(Ε210) 1—4
ΕΝΟΙΚΙΑΖΕΤΑΙ διαμέρισμα τα 2, 3, 4 δωμάτια σέ καινούργια πολυκατοικία σέ ὁδό Πανεπιστ. 9 Θέρισσος (ἀντί Καινουργίου) πληρ. τηλ. 288710.
(Ε194) 1—10
ΕΝΟΙΚΙΑΖΕΤΑΙ γκαρσονιέρα σέ πολυκατοικία 2 ἀπό 7—1 ὁδός τουδοκαλάκη Ἐβανς 69 τηλ. 282613.
(Ε197) 1—5
ΕΝΟΙΚΙΑΖΕΤΑΙ γκαρσονιέρα ἐπιπλωμένη πλησίον Ρωμαίικα ἐπί Χ. Τριβδος Τηλ. 241259 ἤ 241022.
(Ε189) 1—4
ΕΝΟΙΚΙΑΖΕΤΑΙ ἀκίνητο καλό ἐκτος 620 τ.μ. ἐντός σχεδίου πόλεως χρήση δεν πόλεως χρήση κάθε γείτονα τῶν ὁποῖος καί κοιν. ταχ. ἀπό περισσότερες ὡς ἀπό τῆς γείτονα Ἐξαρχάων Ἐνοικια τού δ' πλήν Σαββάτου.
(Ε188) 1—5
ΕΝΟΙΚΙΑΖΕΤΑΙ γκαρσονιέρα σέ πολυκατοικία ἐπί ἄλλης στήν ὁδό ΟΤΕ τηλ. 286 875.
(Ε183) 1—6
ΕΝΟΙΚΙΑΖΕΤΑΙ κοντά στήν ΠΑ διαμέρισμα 4 δωματίων, μετά βοηθητικών καί ἀποθήκης χώρων εἰς τόν 3ο ὄροφο. Πληροφ. τηλ. 289 49012 καί 289612.
(Ε157) 1—12
ΕΝΟΙΚΙΑΖΕΤΑΙ ὄροφο στό Ο Ἀ ρχιφκαλαποτα 22) μεγάλο ἰσό τοῦ ὑπογείου 4 δωματίων (βεράντας, ξωλ, ἀνάθουσα) πλησίον Ἀγ. Ἐλευθερίου τηλ. ἀλ. Πληροφ. τηλ. 225093.
(Ε191) 1—5
ΕΝΟΙΚΙΑΖΟΝΤΑΙ 2 καταστήματα 30 τ.μ. μέ τουαλέτα σέ καινούργια πολυκατοικία πλησίον ὁδοῦ Μεραμβέλλου. Πληροφ. Καρτερού 54 τηλ. 221827 —285312.
(Ε178) 1—8
ΕΝΟΙΚΙΑΖΕΤΑΙ πυρίγετερο ὁ ἄρτιο τῆς ὁδοῦ Μεραμβέλλου ἄνω ἀπό τό ΚΑΤΕ τῆς Ξενία. Πληροφ. τηλ. 221160 ὧρες γραφείου.
(Ε171) 1—5
ΕΝΟΙΚΙΑΖΕΤΑΙ ἰσόγειο κατάστημα μεγάλο 6 ἀπό τὴ ἐνοικιάζοντα ὅπου καί μικρό ἀλόκλαυθαι ἐγκατάσταση. Πληροφ. τηλ. 231155—235168.
(Ε192) 1—6
